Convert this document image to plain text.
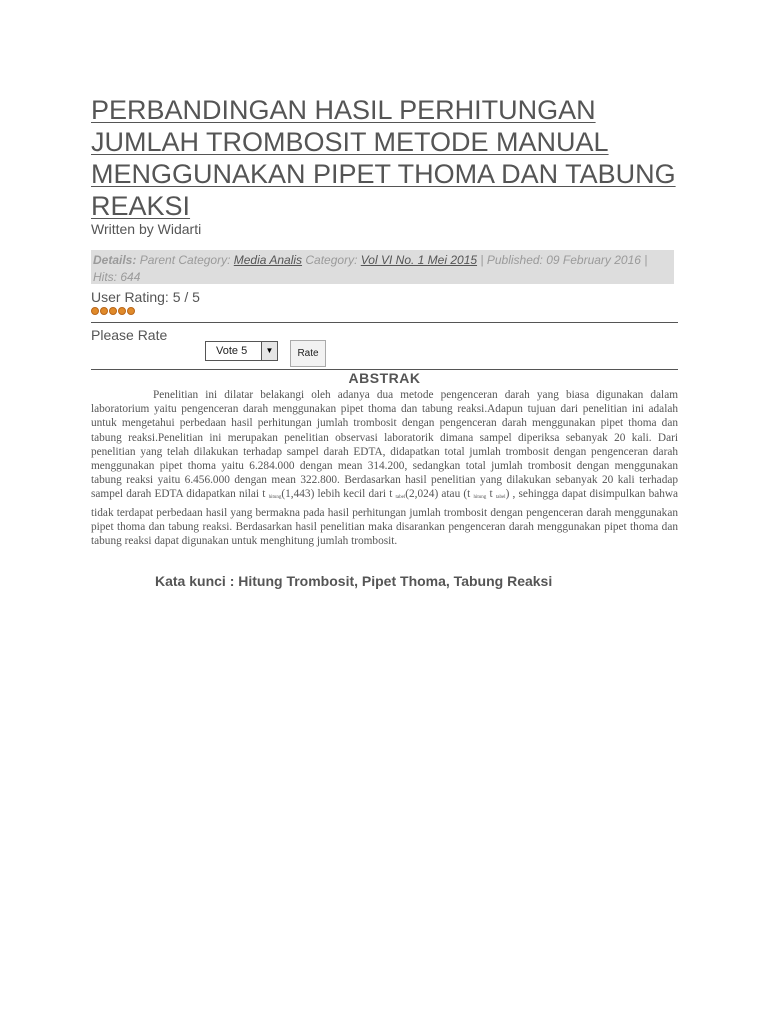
PERBANDINGAN HASIL PERHITUNGAN JUMLAH TROMBOSIT METODE MANUAL MENGGUNAKAN PIPET THOMA DAN TABUNG REAKSI
Written by Widarti
Details: Parent Category: Media Analis Category: Vol VI No. 1 Mei 2015 | Published: 09 February 2016 | Hits: 644
User Rating: 5 / 5
Please Rate
Vote 5	▼	Rate
ABSTRAK

Penelitian ini dilatar belakangi oleh adanya dua metode pengenceran darah yang biasa digunakan dalam laboratorium yaitu pengenceran darah menggunakan pipet thoma dan tabung reaksi.Adapun tujuan dari penelitian ini adalah untuk mengetahui perbedaan hasil perhitungan jumlah trombosit dengan pengenceran darah menggunakan pipet thoma dan tabung reaksi.Penelitian ini merupakan penelitian observasi laboratorik dimana sampel diperiksa sebanyak 20 kali. Dari penelitian yang telah dilakukan terhadap sampel darah EDTA, didapatkan total jumlah trombosit dengan pengenceran darah menggunakan pipet thoma yaitu 6.284.000 dengan mean 314.200, sedangkan total jumlah trombosit dengan menggunakan tabung reaksi yaitu 6.456.000 dengan mean 322.800. Berdasarkan hasil penelitian yang dilakukan sebanyak 20 kali terhadap sampel darah EDTA didapatkan nilai t $_{hitung}$(1,443) lebih kecil dari t $_{tabel}$(2,024) atau (t $_{hitung}$ t $_{tabel}$) , sehingga dapat disimpulkan bahwa tidak terdapat perbedaan hasil yang bermakna pada hasil perhitungan jumlah trombosit dengan pengenceran darah menggunakan pipet thoma dan tabung reaksi. Berdasarkan hasil penelitian maka disarankan pengenceran darah menggunakan pipet thoma dan tabung reaksi dapat digunakan untuk menghitung jumlah trombosit.

Kata kunci : Hitung Trombosit, Pipet Thoma, Tabung Reaksi
